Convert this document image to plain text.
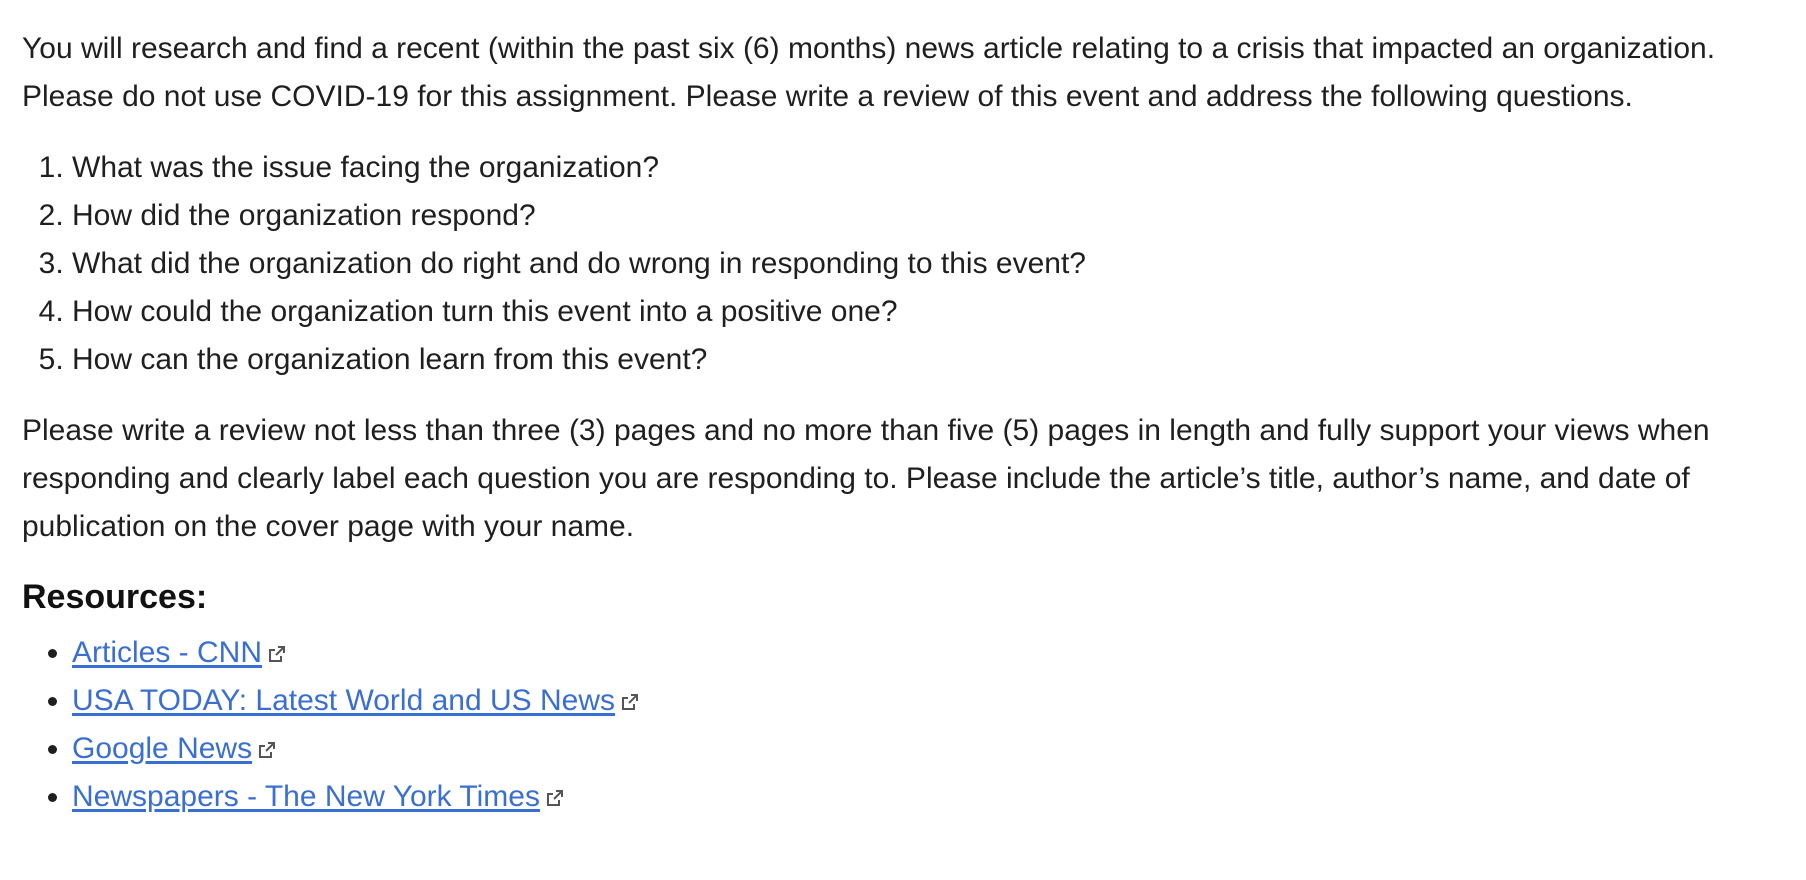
You will research and find a recent (within the past six (6) months) news article relating to a crisis that impacted an organization. Please do not use COVID-19 for this assignment. Please write a review of this event and address the following questions.

1. What was the issue facing the organization?
2. How did the organization respond?
3. What did the organization do right and do wrong in responding to this event?
4. How could the organization turn this event into a positive one?
5. How can the organization learn from this event?

Please write a review not less than three (3) pages and no more than five (5) pages in length and fully support your views when responding and clearly label each question you are responding to. Please include the article’s title, author’s name, and date of publication on the cover page with your name.

Resources:
• Articles - CNN
• USA TODAY: Latest World and US News
• Google News
• Newspapers - The New York Times
